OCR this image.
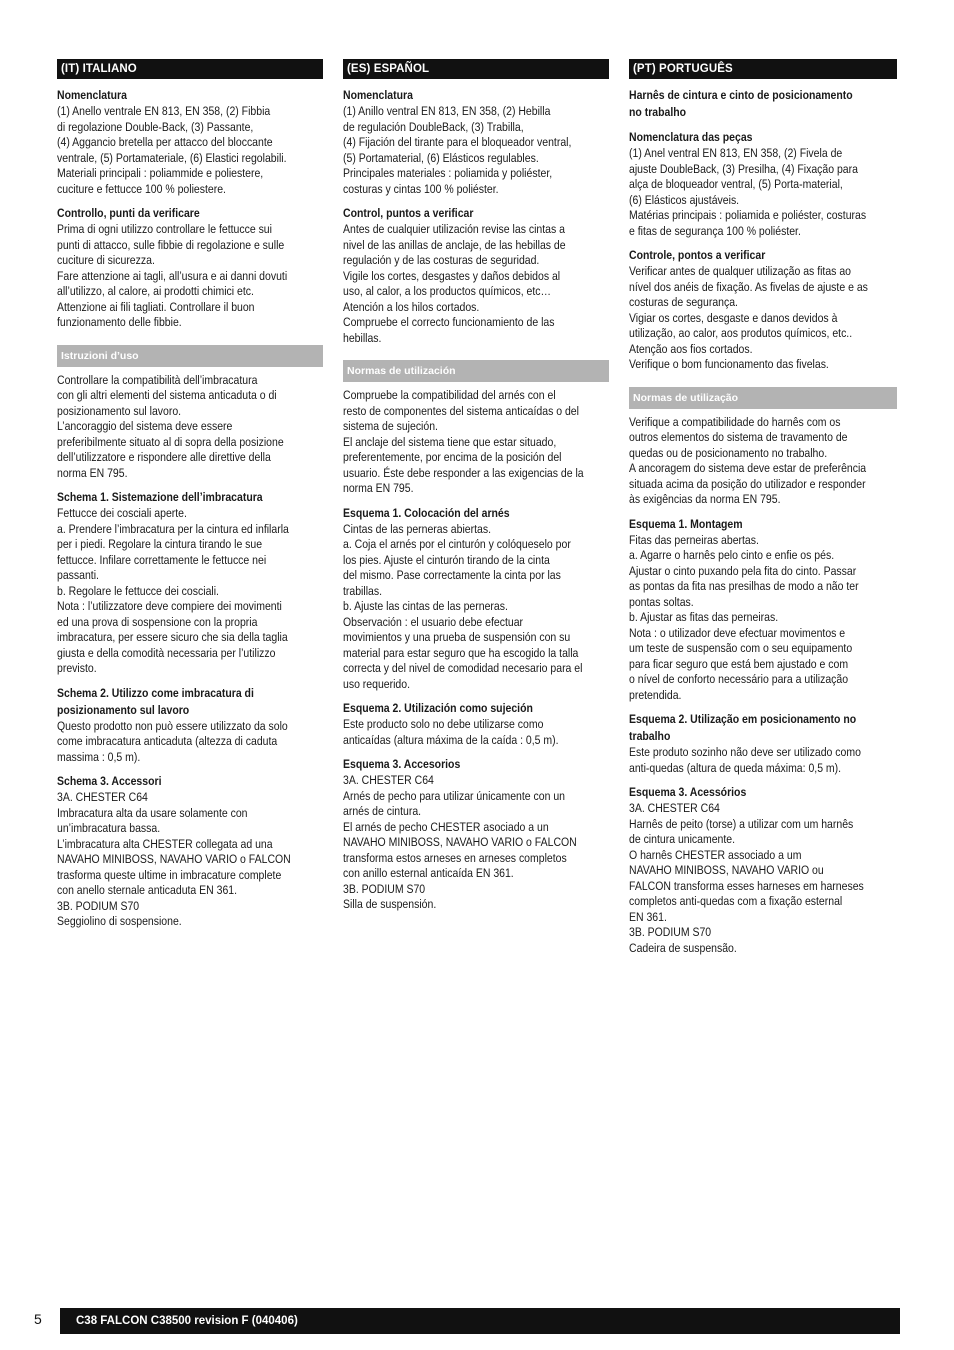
(IT) ITALIANO
Nomenclatura

(1) Anello ventrale EN 813, EN 358, (2) Fibbia
di regolazione Double-Back, (3) Passante,
(4) Aggancio bretella per attacco del bloccante
ventrale, (5) Portamateriale, (6) Elastici regolabili.
Materiali principali : poliammide e poliestere,
cuciture e fettucce 100 % poliestere.

Controllo, punti da verificare

Prima di ogni utilizzo controllare le fettucce sui
punti di attacco, sulle fibbie di regolazione e sulle
cuciture di sicurezza.
Fare attenzione ai tagli, all’usura e ai danni dovuti
all’utilizzo, al calore, ai prodotti chimici etc.
Attenzione ai fili tagliati. Controllare il buon
funzionamento delle fibbie.

Istruzioni d’uso

Controllare la compatibilità dell’imbracatura
con gli altri elementi del sistema anticaduta o di
posizionamento sul lavoro.
L’ancoraggio del sistema deve essere
preferibilmente situato al di sopra della posizione
dell’utilizzatore e rispondere alle direttive della
norma EN 795.

Schema 1. Sistemazione dell’imbracatura

Fettucce dei cosciali aperte.
a. Prendere l’imbracatura per la cintura ed infilarla
per i piedi. Regolare la cintura tirando le sue
fettucce. Infilare correttamente le fettucce nei
passanti.
b. Regolare le fettucce dei cosciali.
Nota : l’utilizzatore deve compiere dei movimenti
ed una prova di sospensione con la propria
imbracatura, per essere sicuro che sia della taglia
giusta e della comodità necessaria per l’utilizzo
previsto.

Schema 2. Utilizzo come imbracatura di
posizionamento sul lavoro

Questo prodotto non può essere utilizzato da solo
come imbracatura anticaduta (altezza di caduta
massima : 0,5 m).

Schema 3. Accessori

3A. CHESTER C64
Imbracatura alta da usare solamente con
un’imbracatura bassa.
L’imbracatura alta CHESTER collegata ad una
NAVAHO MINIBOSS, NAVAHO VARIO o FALCON
trasforma queste ultime in imbracature complete
con anello sternale anticaduta EN 361.
3B. PODIUM S70
Seggiolino di sospensione.

(ES) ESPAÑOL
Nomenclatura

(1) Anillo ventral EN 813, EN 358, (2) Hebilla
de regulación DoubleBack, (3) Trabilla,
(4) Fijación del tirante para el bloqueador ventral,
(5) Portamaterial, (6) Elásticos regulables.
Principales materiales : poliamida y poliéster,
costuras y cintas 100 % poliéster.

Control, puntos a verificar

Antes de cualquier utilización revise las cintas a
nivel de las anillas de anclaje, de las hebillas de
regulación y de las costuras de seguridad.
Vigile los cortes, desgastes y daños debidos al
uso, al calor, a los productos químicos, etc…
Atención a los hilos cortados.
Compruebe el correcto funcionamiento de las
hebillas.

Normas de utilización

Compruebe la compatibilidad del arnés con el
resto de componentes del sistema anticaídas o del
sistema de sujeción.
El anclaje del sistema tiene que estar situado,
preferentemente, por encima de la posición del
usuario. Éste debe responder a las exigencias de la
norma EN 795.

Esquema 1. Colocación del arnés

Cintas de las perneras abiertas.
a. Coja el arnés por el cinturón y colóqueselo por
los pies. Ajuste el cinturón tirando de la cinta
del mismo. Pase correctamente la cinta por las
trabillas.
b. Ajuste las cintas de las perneras.
Observación : el usuario debe efectuar
movimientos y una prueba de suspensión con su
material para estar seguro que ha escogido la talla
correcta y del nivel de comodidad necesario para el
uso requerido.

Esquema 2. Utilización como sujeción

Este producto solo no debe utilizarse como
anticaídas (altura máxima de la caída : 0,5 m).

Esquema 3. Accesorios

3A. CHESTER C64
Arnés de pecho para utilizar únicamente con un
arnés de cintura.
El arnés de pecho CHESTER asociado a un
NAVAHO MINIBOSS, NAVAHO VARIO o FALCON
transforma estos arneses en arneses completos
con anillo esternal anticaída EN 361.
3B. PODIUM S70
Silla de suspensión.

(PT) PORTUGUÊS
Harnês de cintura e cinto de posicionamento
no trabalho
Nomenclatura das peças

(1) Anel ventral EN 813, EN 358, (2) Fivela de
ajuste DoubleBack, (3) Presilha, (4) Fixação para
alça de bloqueador ventral, (5) Porta-material,
(6) Elásticos ajustáveis.
Matérias principais : poliamida e poliéster, costuras
e fitas de segurança 100 % poliéster.

Controle, pontos a verificar

Verificar antes de qualquer utilização as fitas ao
nível dos anéis de fixação. As fivelas de ajuste e as
costuras de segurança.
Vigiar os cortes, desgaste e danos devidos à
utilização, ao calor, aos produtos químicos, etc..
Atenção aos fios cortados.
Verifique o bom funcionamento das fivelas.

Normas de utilização

Verifique a compatibilidade do harnês com os
outros elementos do sistema de travamento de
quedas ou de posicionamento no trabalho.
A ancoragem do sistema deve estar de preferência
situada acima da posição do utilizador e responder
às exigências da norma EN 795.

Esquema 1. Montagem

Fitas das perneiras abertas.
a. Agarre o harnês pelo cinto e enfie os pés.
Ajustar o cinto puxando pela fita do cinto. Passar
as pontas da fita nas presilhas de modo a não ter
pontas soltas.
b. Ajustar as fitas das perneiras.
Nota : o utilizador deve efectuar movimentos e
um teste de suspensão com o seu equipamento
para ficar seguro que está bem ajustado e com
o nível de conforto necessário para a utilização
pretendida.

Esquema 2. Utilização em posicionamento no
trabalho

Este produto sozinho não deve ser utilizado como
anti-quedas (altura de queda máxima: 0,5 m).

Esquema 3. Acessórios

3A. CHESTER C64
Harnês de peito (torse) a utilizar com um harnês
de cintura unicamente.
O harnês CHESTER associado a um
NAVAHO MINIBOSS, NAVAHO VARIO ou
FALCON transforma esses harneses em harneses
completos anti-quedas com a fixação esternal
EN 361.
3B. PODIUM S70
Cadeira de suspensão.

5	C38 FALCON C38500 revision F (040406)
